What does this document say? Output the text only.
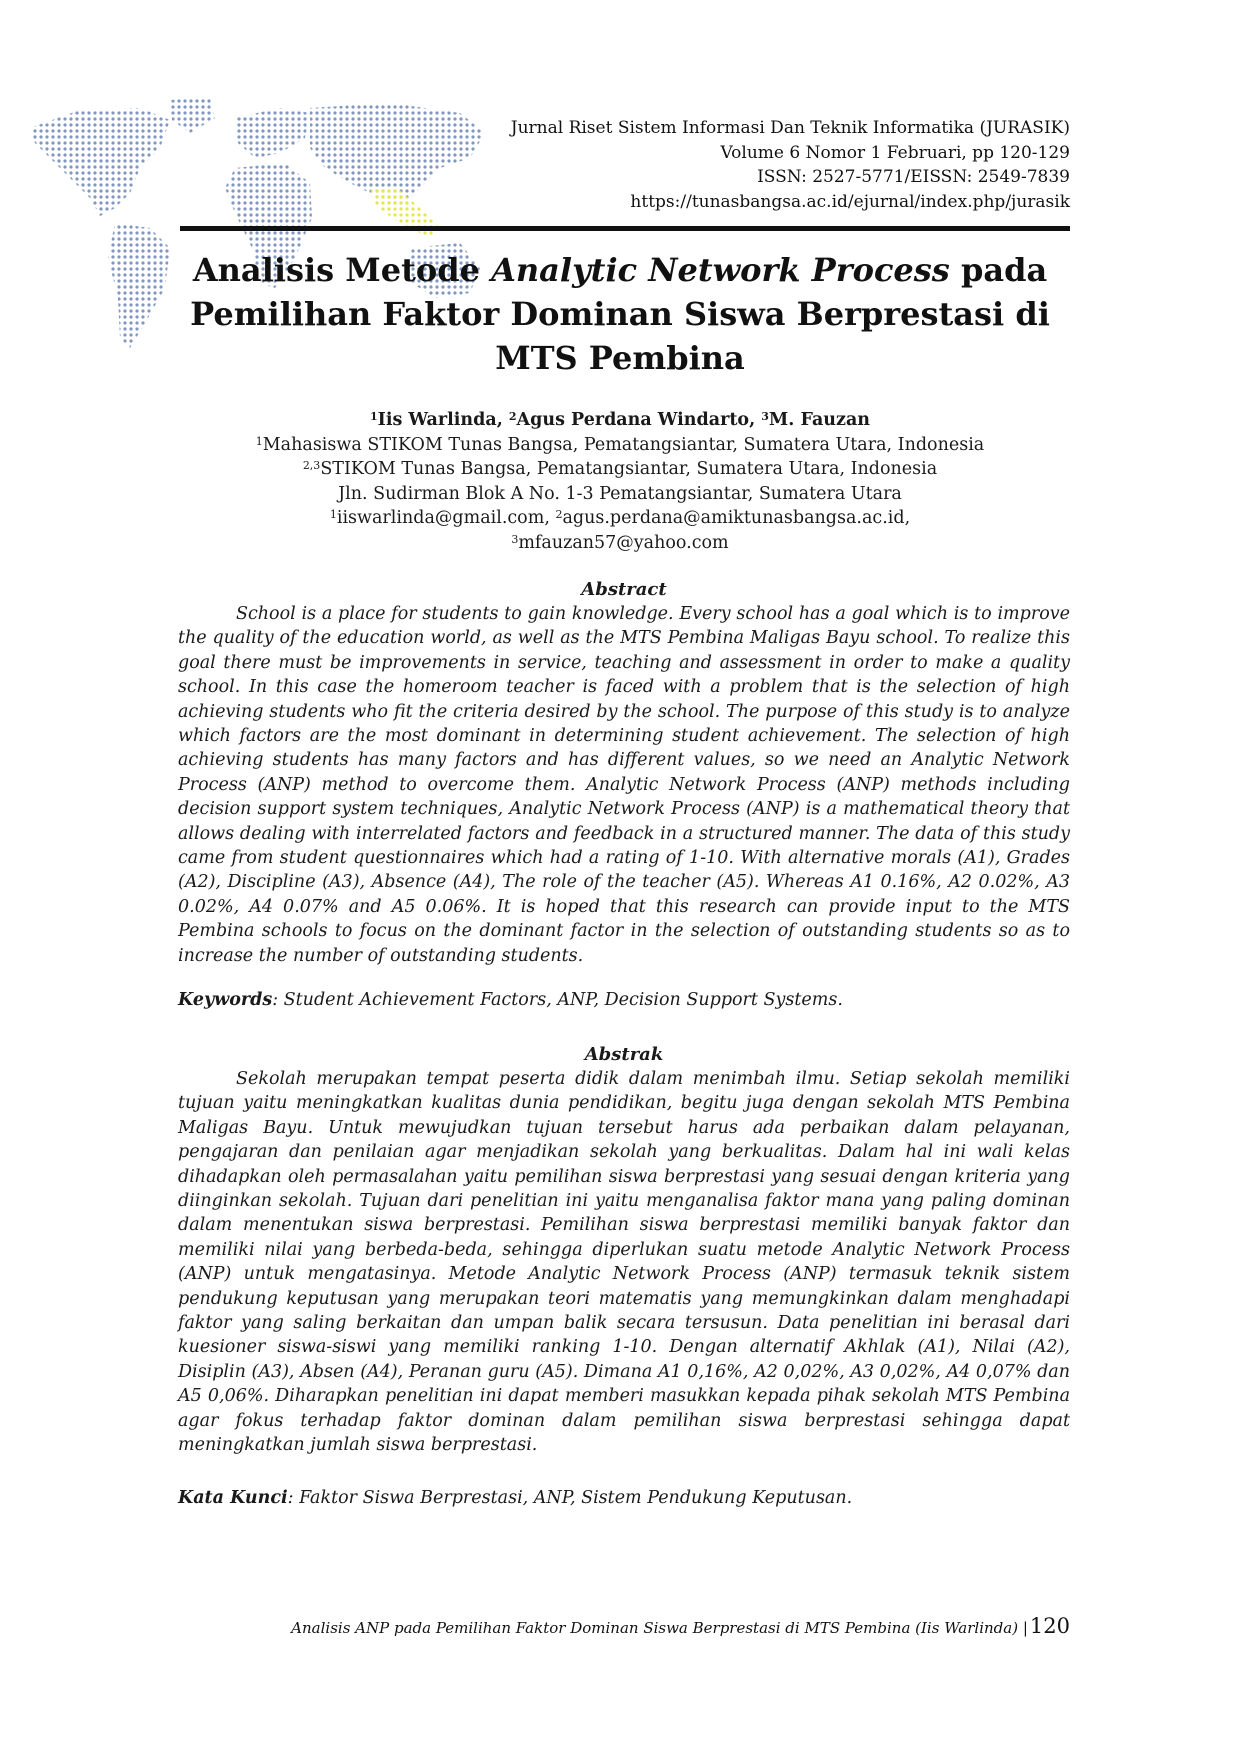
Jurnal Riset Sistem Informasi Dan Teknik Informatika (JURASIK)
Volume 6 Nomor 1 Februari, pp 120-129
ISSN: 2527-5771/EISSN: 2549-7839
https://tunasbangsa.ac.id/ejurnal/index.php/jurasik
Analisis Metode Analytic Network Process pada Pemilihan Faktor Dominan Siswa Berprestasi di MTS Pembina
$^1$Iis Warlinda, $^2$Agus Perdana Windarto, $^3$M. Fauzan
$^1$Mahasiswa STIKOM Tunas Bangsa, Pematangsiantar, Sumatera Utara, Indonesia
$^{2,3}$STIKOM Tunas Bangsa, Pematangsiantar, Sumatera Utara, Indonesia
Jln. Sudirman Blok A No. 1-3 Pematangsiantar, Sumatera Utara
$^1$iiswarlinda@gmail.com, $^2$agus.perdana@amiktunasbangsa.ac.id,
$^3$mfauzan57@yahoo.com
Abstract

School is a place for students to gain knowledge. Every school has a goal which is to improve the quality of the education world, as well as the MTS Pembina Maligas Bayu school. To realize this goal there must be improvements in service, teaching and assessment in order to make a quality school. In this case the homeroom teacher is faced with a problem that is the selection of high achieving students who fit the criteria desired by the school. The purpose of this study is to analyze which factors are the most dominant in determining student achievement. The selection of high achieving students has many factors and has different values, so we need an Analytic Network Process (ANP) method to overcome them. Analytic Network Process (ANP) methods including decision support system techniques, Analytic Network Process (ANP) is a mathematical theory that allows dealing with interrelated factors and feedback in a structured manner. The data of this study came from student questionnaires which had a rating of 1-10. With alternative morals (A1), Grades (A2), Discipline (A3), Absence (A4), The role of the teacher (A5). Whereas A1 0.16%, A2 0.02%, A3 0.02%, A4 0.07% and A5 0.06%. It is hoped that this research can provide input to the MTS Pembina schools to focus on the dominant factor in the selection of outstanding students so as to increase the number of outstanding students.

Keywords: Student Achievement Factors, ANP, Decision Support Systems.
Abstrak

Sekolah merupakan tempat peserta didik dalam menimbah ilmu. Setiap sekolah memiliki tujuan yaitu meningkatkan kualitas dunia pendidikan, begitu juga dengan sekolah MTS Pembina Maligas Bayu. Untuk mewujudkan tujuan tersebut harus ada perbaikan dalam pelayanan, pengajaran dan penilaian agar menjadikan sekolah yang berkualitas. Dalam hal ini wali kelas dihadapkan oleh permasalahan yaitu pemilihan siswa berprestasi yang sesuai dengan kriteria yang diinginkan sekolah. Tujuan dari penelitian ini yaitu menganalisa faktor mana yang paling dominan dalam menentukan siswa berprestasi. Pemilihan siswa berprestasi memiliki banyak faktor dan memiliki nilai yang berbeda-beda, sehingga diperlukan suatu metode Analytic Network Process (ANP) untuk mengatasinya. Metode Analytic Network Process (ANP) termasuk teknik sistem pendukung keputusan yang merupakan teori matematis yang memungkinkan dalam menghadapi faktor yang saling berkaitan dan umpan balik secara tersusun. Data penelitian ini berasal dari kuesioner siswa-siswi yang memiliki ranking 1-10. Dengan alternatif Akhlak (A1), Nilai (A2), Disiplin (A3), Absen (A4), Peranan guru (A5). Dimana A1 0,16%, A2 0,02%, A3 0,02%, A4 0,07% dan A5 0,06%. Diharapkan penelitian ini dapat memberi masukkan kepada pihak sekolah MTS Pembina agar fokus terhadap faktor dominan dalam pemilihan siswa berprestasi sehingga dapat meningkatkan jumlah siswa berprestasi.

Kata Kunci: Faktor Siswa Berprestasi, ANP, Sistem Pendukung Keputusan.
Analisis ANP pada Pemilihan Faktor Dominan Siswa Berprestasi di MTS Pembina (Iis Warlinda) |120
